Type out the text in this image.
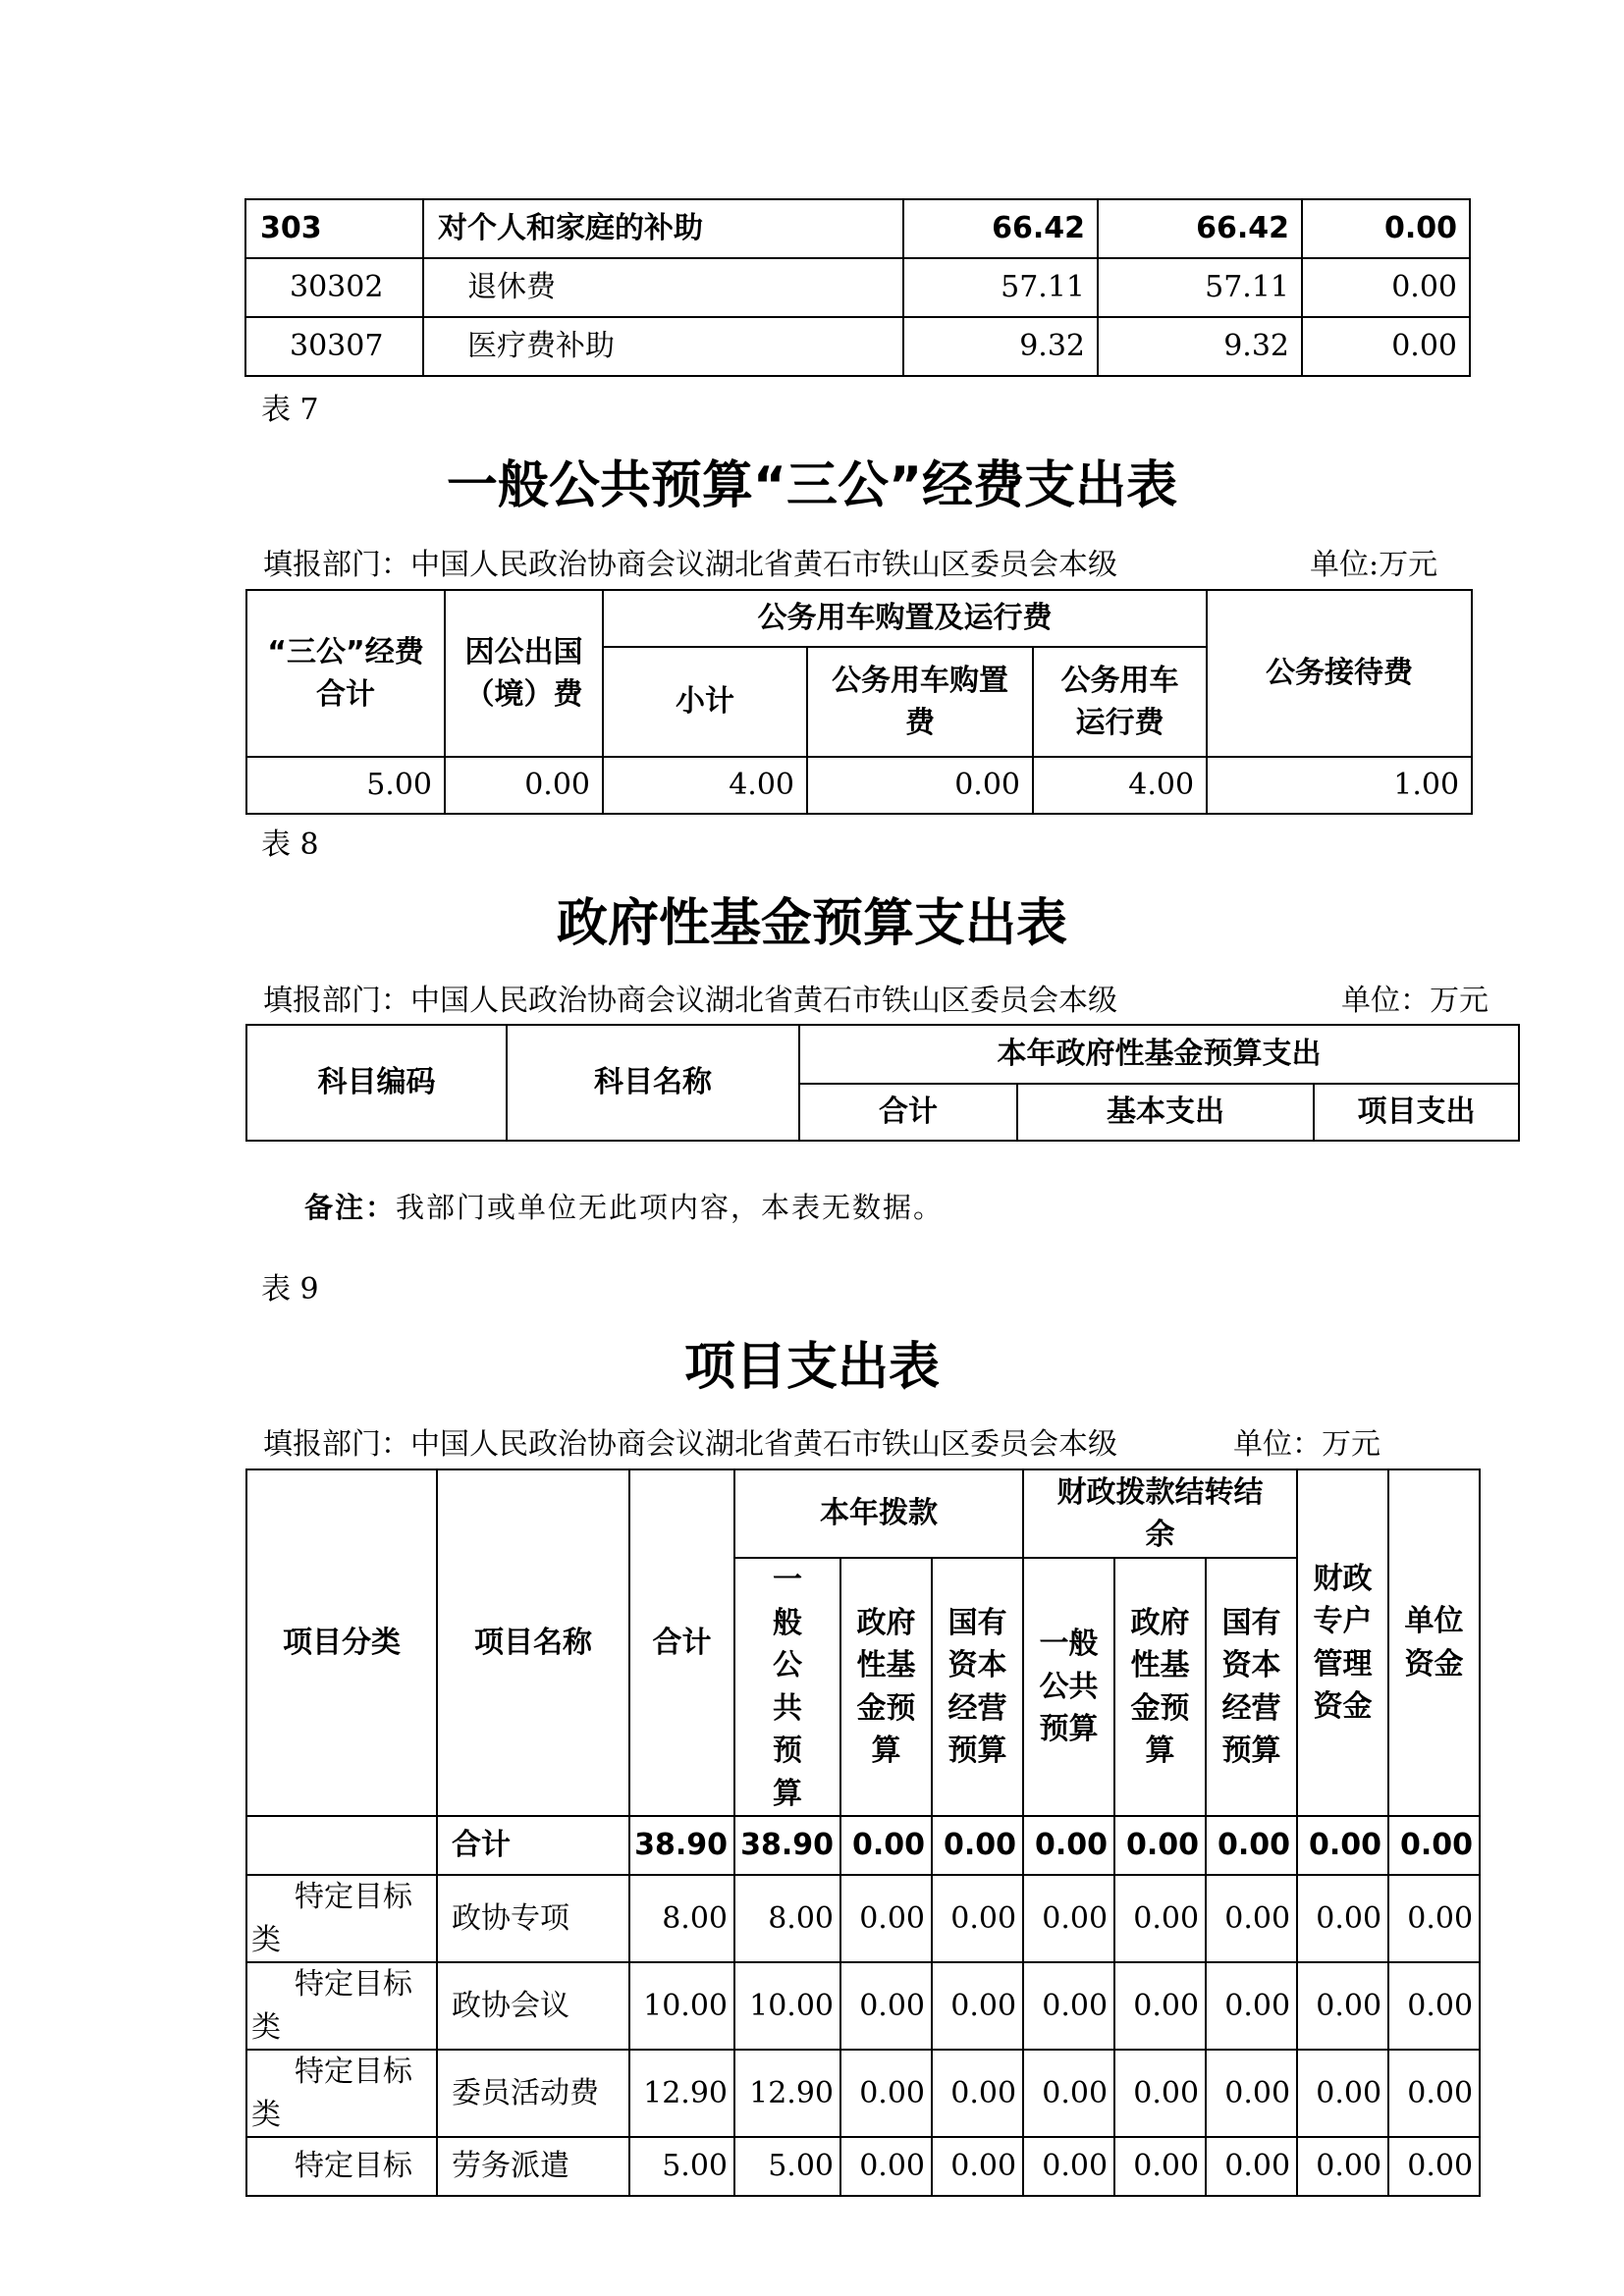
303	对个人和家庭的补助	66.42	66.42	0.00
30302	退休费	57.11	57.11	0.00
30307	医疗费补助	9.32	9.32	0.00
表 7
一般公共预算“三公”经费支出表
填报部门：中国人民政治协商会议湖北省黄石市铁山区委员会本级	单位:万元
“三公”经费合计	因公出国（境）费	公务用车购置及运行费			公务接待费
		小计	公务用车购置费	公务用车运行费	
5.00	0.00	4.00	0.00	4.00	1.00
表 8
政府性基金预算支出表
填报部门：中国人民政治协商会议湖北省黄石市铁山区委员会本级	单位：万元
科目编码	科目名称	本年政府性基金预算支出		
		合计	基本支出	项目支出
备注：我部门或单位无此项内容，本表无数据。
表 9
项目支出表
填报部门：中国人民政治协商会议湖北省黄石市铁山区委员会本级	单位：万元
项目分类	项目名称	合计	本年拨款			财政拨款结转结余			财政专户管理资金	单位资金
			一般公共预算	政府性基金预算	国有资本经营预算	一般公共预算	政府性基金预算	国有资本经营预算		
	合计	38.90	38.90	0.00	0.00	0.00	0.00	0.00	0.00	0.00
特定目标类	政协专项	8.00	8.00	0.00	0.00	0.00	0.00	0.00	0.00	0.00
特定目标类	政协会议	10.00	10.00	0.00	0.00	0.00	0.00	0.00	0.00	0.00
特定目标类	委员活动费	12.90	12.90	0.00	0.00	0.00	0.00	0.00	0.00	0.00
特定目标	劳务派遣	5.00	5.00	0.00	0.00	0.00	0.00	0.00	0.00	0.00
